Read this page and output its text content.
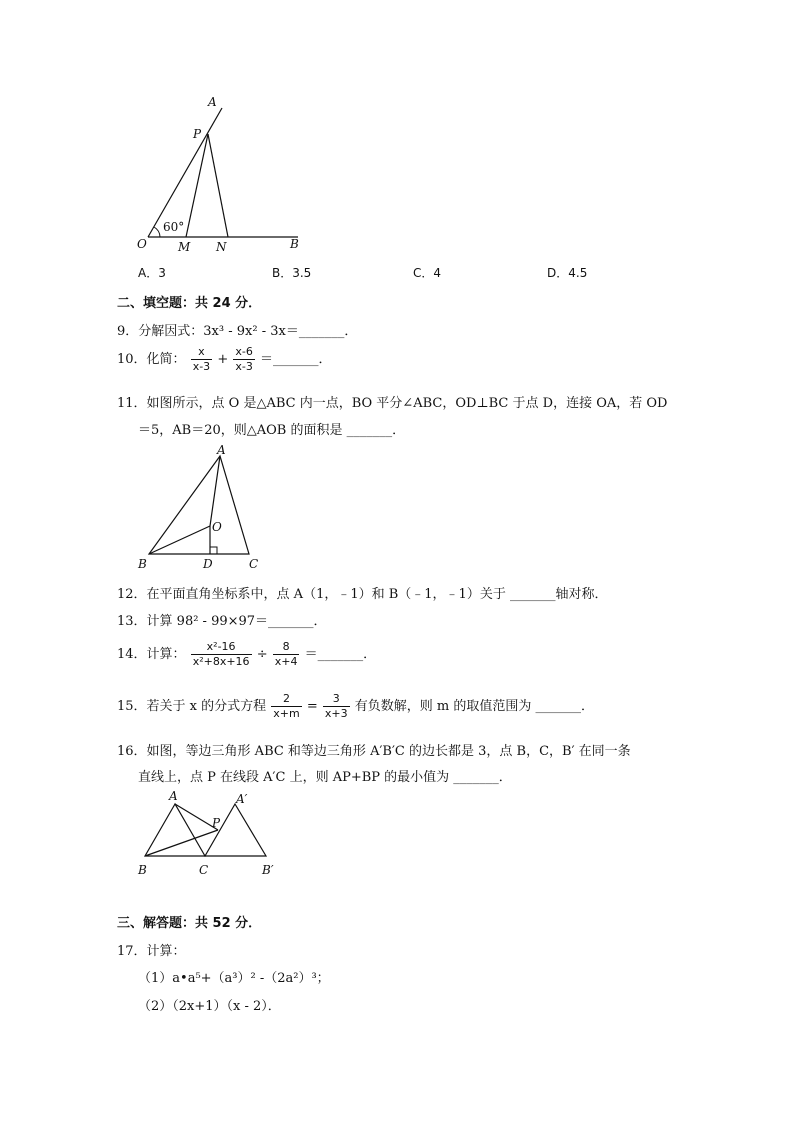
A
P
60°
O	M N	B
A．3	B．3.5	C．4	D．4.5
二、填空题：共 24 分．
9．分解因式：3x³ - 9x² - 3x＝_______．
10．化简： $\frac{x}{x-3} + \frac{x-6}{x-3}$ ＝_______．
11．如图所示，点 O 是△ABC 内一点，BO 平分∠ABC，OD⊥BC 于点 D，连接 OA，若 OD
＝5，AB＝20，则△AOB 的面积是 _______．
A
O
B	D	C
12．在平面直角坐标系中，点 A（1，﹣1）和 B（﹣1，﹣1）关于 _______轴对称．
13．计算 98² - 99×97＝_______．
14．计算： $\frac{\text{x²-16}}{\text{x²+8x+16}} \div \frac{8}{x+4}$ ＝_______．
15．若关于 x 的分式方程 $\frac{2}{x+m} = \frac{3}{x+3}$ 有负数解，则 m 的取值范围为 _______．
16．如图，等边三角形 ABC 和等边三角形 A′B′C 的边长都是 3，点 B，C，B′ 在同一条
直线上，点 P 在线段 A′C 上，则 AP+BP 的最小值为 _______．
A	A′
P
B	C	B′
三、解答题：共 52 分．
17．计算：
（1）a•a⁵+（a³）² -（2a²）³；
（2）（2x+1）（x - 2）．
